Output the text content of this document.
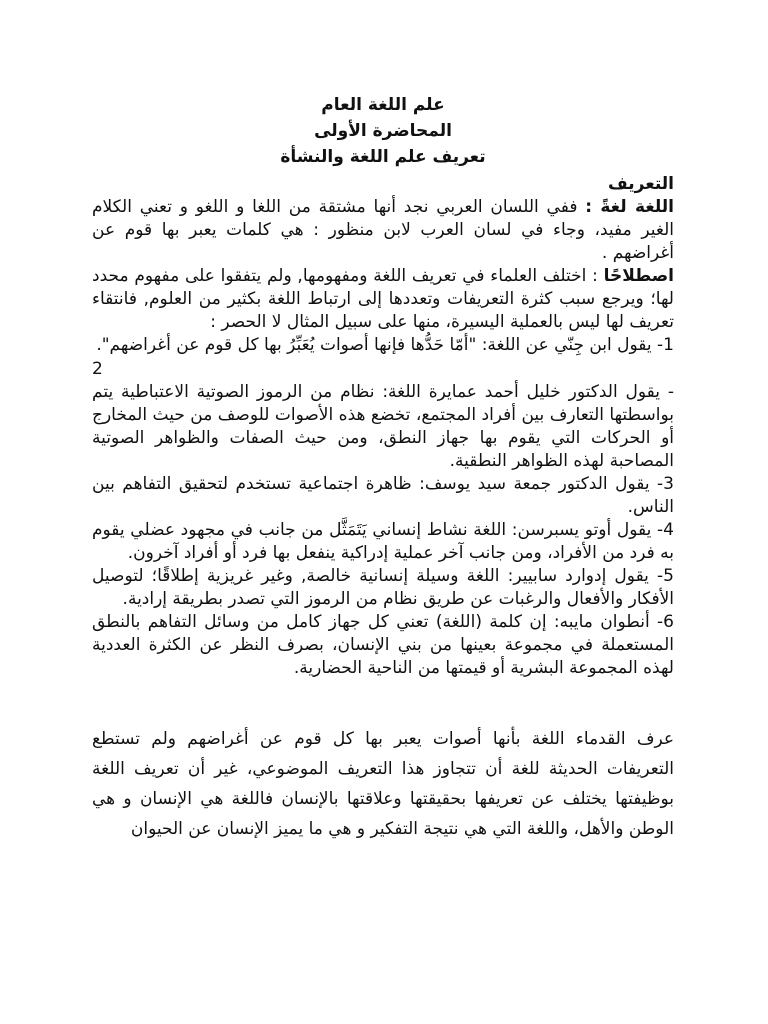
علم اللغة العام

المحاضرة الأولى

تعريف علم اللغة والنشأة

التعريف

اللغة لغةً : ففي اللسان العربي نجد أنها مشتقة من اللغا و اللغو و تعني الكلام الغير مفيد، وجاء في لسان العرب لابن منظور : هي كلمات يعبر بها قوم عن أغراضهم .

اصطلاحًا : اختلف العلماء في تعريف اللغة ومفهومها, ولم يتفقوا على مفهوم محدد لها؛ ويرجع سبب كثرة التعريفات وتعددها إلى ارتباط اللغة بكثير من العلوم, فانتقاء تعريف لها ليس بالعملية اليسيرة، منها على سبيل المثال لا الحصر :

1- يقول ابن جِنّي عن اللغة: "أمّا حَدُّها فإنها أصوات يُعَبِّرُ بها كل قوم عن أغراضهم".

2

- يقول الدكتور خليل أحمد عمايرة اللغة: نظام من الرموز الصوتية الاعتباطية يتم بواسطتها التعارف بين أفراد المجتمع، تخضع هذه الأصوات للوصف من حيث المخارج أو الحركات التي يقوم بها جهاز النطق، ومن حيث الصفات والظواهر الصوتية المصاحبة لهذه الظواهر النطقية.

3- يقول الدكتور جمعة سيد يوسف: ظاهرة اجتماعية تستخدم لتحقيق التفاهم بين الناس.

4- يقول أوتو يسبرسن: اللغة نشاط إنساني يَتَمَثَّل من جانب في مجهود عضلي يقوم به فرد من الأفراد، ومن جانب آخر عملية إدراكية ينفعل بها فرد أو أفراد آخرون.

5- يقول إدوارد سابيير: اللغة وسيلة إنسانية خالصة, وغير غريزية إطلاقًا؛ لتوصيل الأفكار والأفعال والرغبات عن طريق نظام من الرموز التي تصدر بطريقة إرادية.

6- أنطوان مايبه: إن كلمة (اللغة) تعني كل جهاز كامل من وسائل التفاهم بالنطق المستعملة في مجموعة بعينها من بني الإنسان، بصرف النظر عن الكثرة العددية لهذه المجموعة البشرية أو قيمتها من الناحية الحضارية.

عرف القدماء اللغة بأنها أصوات يعبر بها كل قوم عن أغراضهم ولم تستطع التعريفات الحديثة للغة أن تتجاوز هذا التعريف الموضوعي، غير أن تعريف اللغة بوظيفتها يختلف عن تعريفها بحقيقتها وعلاقتها بالإنسان فاللغة هي الإنسان و هي الوطن والأهل، واللغة التي هي نتيجة التفكير و هي ما يميز الإنسان عن الحيوان
